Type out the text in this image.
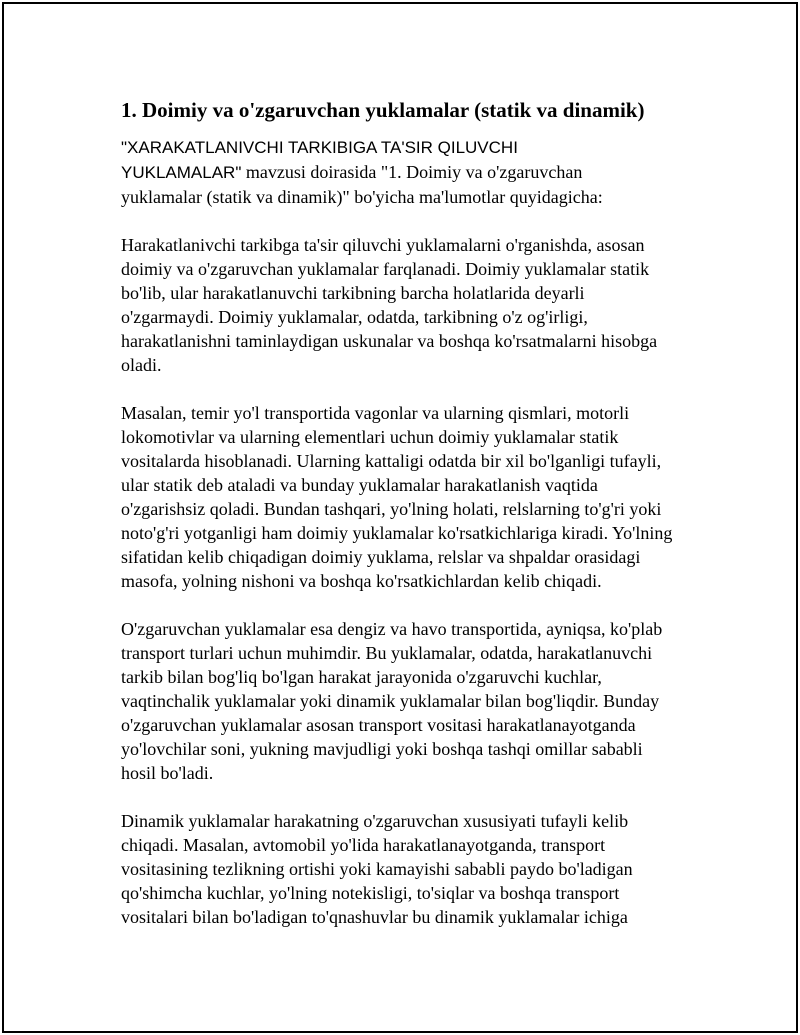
1. Doimiy va o'zgaruvchan yuklamalar (statik va dinamik)
"XARAKATLANIVCHI TARKIBIGA TA'SIR QILUVCHI
YUKLAMALAR" mavzusi doirasida "1. Doimiy va o'zgaruvchan
yuklamalar (statik va dinamik)" bo'yicha ma'lumotlar quyidagicha:
Harakatlanivchi tarkibga ta'sir qiluvchi yuklamalarni o'rganishda, asosan
doimiy va o'zgaruvchan yuklamalar farqlanadi. Doimiy yuklamalar statik
bo'lib, ular harakatlanuvchi tarkibning barcha holatlarida deyarli
o'zgarmaydi. Doimiy yuklamalar, odatda, tarkibning o'z og'irligi,
harakatlanishni taminlaydigan uskunalar va boshqa ko'rsatmalarni hisobga
oladi.
Masalan, temir yo'l transportida vagonlar va ularning qismlari, motorli
lokomotivlar va ularning elementlari uchun doimiy yuklamalar statik
vositalarda hisoblanadi. Ularning kattaligi odatda bir xil bo'lganligi tufayli,
ular statik deb ataladi va bunday yuklamalar harakatlanish vaqtida
o'zgarishsiz qoladi. Bundan tashqari, yo'lning holati, relslarning to'g'ri yoki
noto'g'ri yotganligi ham doimiy yuklamalar ko'rsatkichlariga kiradi. Yo'lning
sifatidan kelib chiqadigan doimiy yuklama, relslar va shpaldar orasidagi
masofa, yolning nishoni va boshqa ko'rsatkichlardan kelib chiqadi.
O'zgaruvchan yuklamalar esa dengiz va havo transportida, ayniqsa, ko'plab
transport turlari uchun muhimdir. Bu yuklamalar, odatda, harakatlanuvchi
tarkib bilan bog'liq bo'lgan harakat jarayonida o'zgaruvchi kuchlar,
vaqtinchalik yuklamalar yoki dinamik yuklamalar bilan bog'liqdir. Bunday
o'zgaruvchan yuklamalar asosan transport vositasi harakatlanayotganda
yo'lovchilar soni, yukning mavjudligi yoki boshqa tashqi omillar sababli
hosil bo'ladi.
Dinamik yuklamalar harakatning o'zgaruvchan xususiyati tufayli kelib
chiqadi. Masalan, avtomobil yo'lida harakatlanayotganda, transport
vositasining tezlikning ortishi yoki kamayishi sababli paydo bo'ladigan
qo'shimcha kuchlar, yo'lning notekisligi, to'siqlar va boshqa transport
vositalari bilan bo'ladigan to'qnashuvlar bu dinamik yuklamalar ichiga
